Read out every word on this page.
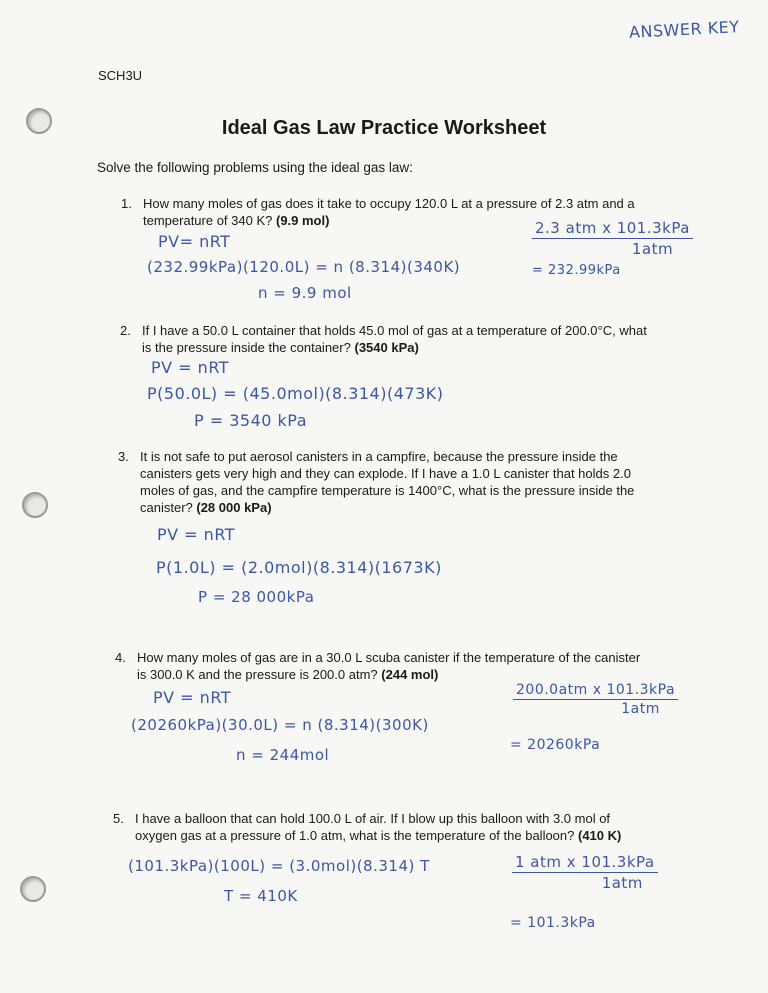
ANSWER KEY
SCH3U
Ideal Gas Law Practice Worksheet
Solve the following problems using the ideal gas law:
1. How many moles of gas does it take to occupy 120.0 L at a pressure of 2.3 atm and a
temperature of 340 K? (9.9 mol)
PV= nRT
(232.99kPa)(120.0L) = n (8.314)(340K)
n = 9.9 mol
2.3 atm x 101.3kPa
1atm
= 232.99kPa
2. If I have a 50.0 L container that holds 45.0 mol of gas at a temperature of 200.0°C, what
is the pressure inside the container? (3540 kPa)
PV = nRT
P(50.0L) = (45.0mol)(8.314)(473K)
P = 3540 kPa
3. It is not safe to put aerosol canisters in a campfire, because the pressure inside the
canisters gets very high and they can explode. If I have a 1.0 L canister that holds 2.0
moles of gas, and the campfire temperature is 1400°C, what is the pressure inside the
canister? (28 000 kPa)
PV = nRT
P(1.0L) = (2.0mol)(8.314)(1673K)
P = 28 000kPa
4. How many moles of gas are in a 30.0 L scuba canister if the temperature of the canister
is 300.0 K and the pressure is 200.0 atm? (244 mol)
PV = nRT
(20260kPa)(30.0L) = n (8.314)(300K)
n = 244mol
200.0atm x 101.3kPa
1atm
= 20260kPa
5. I have a balloon that can hold 100.0 L of air. If I blow up this balloon with 3.0 mol of
oxygen gas at a pressure of 1.0 atm, what is the temperature of the balloon? (410 K)
(101.3kPa)(100L) = (3.0mol)(8.314) T
T = 410K
1 atm x 101.3kPa
1atm
= 101.3kPa
